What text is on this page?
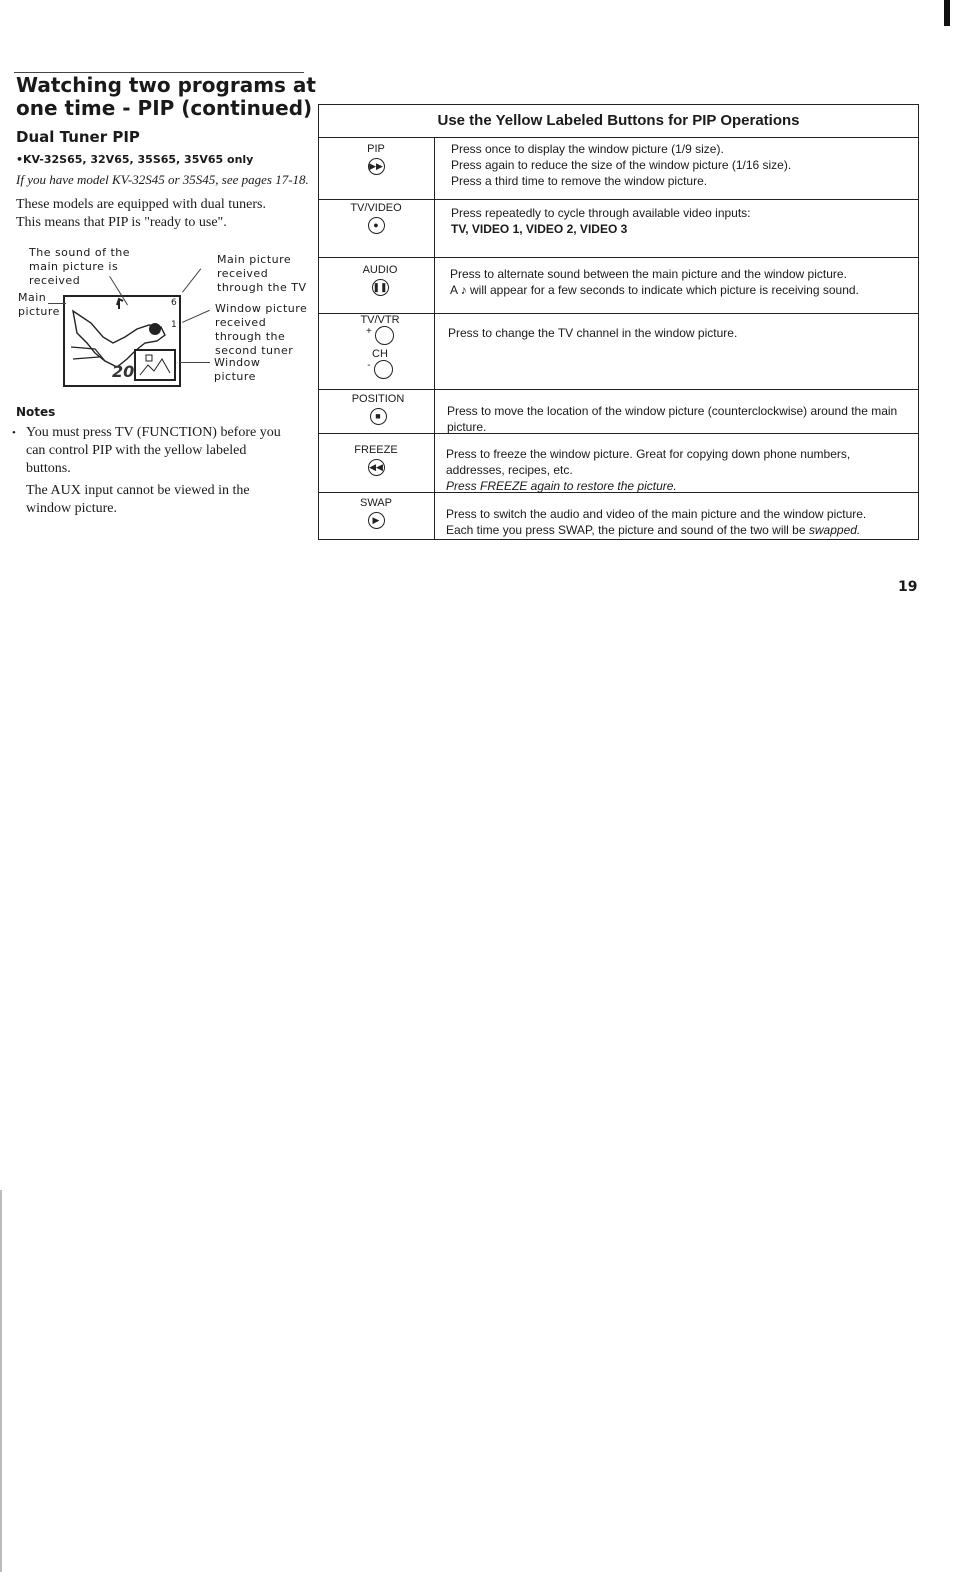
Watching two programs at
one time - PIP (continued)
Dual Tuner PIP
•KV-32S65, 32V65, 35S65, 35V65 only
If you have model KV-32S45 or 35S45, see pages 17-18.
These models are equipped with dual tuners.
This means that PIP is "ready to use".
The sound of the main picture is received
Main picture
Main picture received through the TV
Window picture received through the second tuner
Window picture
6
1
20
Notes
• You must press TV (FUNCTION) before you can control PIP with the yellow labeled buttons.
The AUX input cannot be viewed in the window picture.
Use the Yellow Labeled Buttons for PIP Operations
PIP
▶▶
Press once to display the window picture (1/9 size).
Press again to reduce the size of the window picture (1/16 size).
Press a third time to remove the window picture.
TV/VIDEO
●
Press repeatedly to cycle through available video inputs:
TV, VIDEO 1, VIDEO 2, VIDEO 3
AUDIO
❚❚
Press to alternate sound between the main picture and the window picture.
A ♪ will appear for a few seconds to indicate which picture is receiving sound.
TV/VTR
+
CH
-
Press to change the TV channel in the window picture.
POSITION
■	Press to move the location of the window picture (counterclockwise) around the main picture.
FREEZE
◀◀
Press to freeze the window picture. Great for copying down phone numbers, addresses, recipes, etc.
Press FREEZE again to restore the picture.
SWAP
▶	Press to switch the audio and video of the main picture and the window picture.
Each time you press SWAP, the picture and sound of the two will be swapped.
19
